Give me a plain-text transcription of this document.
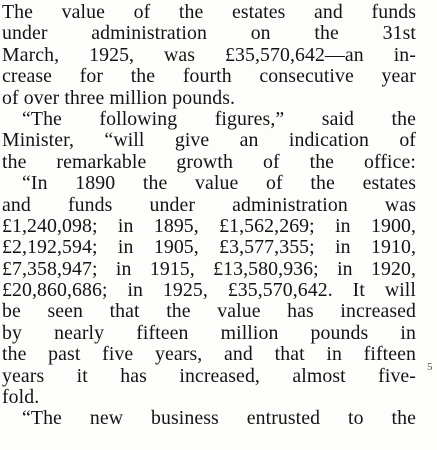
The value of the estates and funds
under administration on the 31st
March, 1925, was £35,570,642—an in-
crease for the fourth consecutive year
of over three million pounds.
“The following figures,” said the
Minister, “will give an indication of
the remarkable growth of the office:
“In 1890 the value of the estates
and funds under administration was
£1,240,098; in 1895, £1,562,269; in 1900,
£2,192,594; in 1905, £3,577,355; in 1910,
£7,358,947; in 1915, £13,580,936; in 1920,
£20,860,686; in 1925, £35,570,642. It will
be seen that the value has increased
by nearly fifteen million pounds in
the past five years, and that in fifteen
years it has increased, almost five-
fold.
“The new business entrusted to the
5
